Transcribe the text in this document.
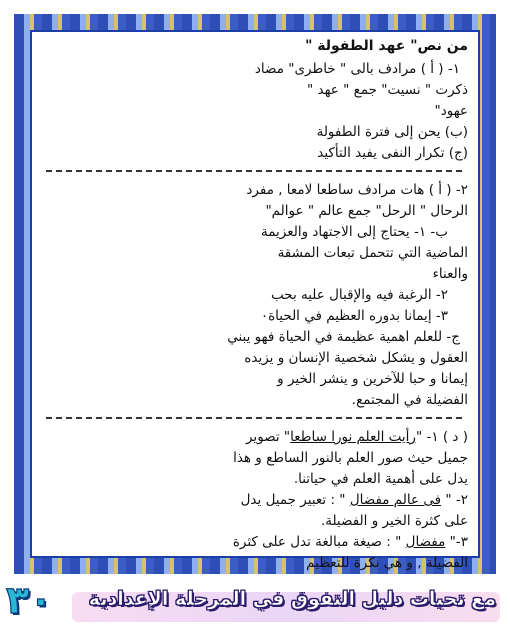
من نص" عهد الطفولة "

١- ( أ ) مرادف بالى " خاطرى" مضاد

ذكرت " نسيت" جمع " عهد "

عهود"

(ب) يحن إلى فترة الطفولة

(ج) تكرار النفى يفيد التأكيد

٢- ( أ ) هات مرادف ساطعا لامعا , مفرد

الرحال " الرحل" جمع عالم " عوالم"

ب- ١- يحتاج إلى الاجتهاد والعزيمة

الماضية التي تتحمل تبعات المشقة

والعناء

٢- الرغبة فيه والإقبال عليه بحب

٣- إيمانا بدوره العظيم في الحياة٠

ج- للعلم اهمية عظيمة في الحياة فهو يبني

العقول و يشكل شخصية الإنسان و يزيده

إيمانا و حبا للآخرين و ينشر الخير و

الفضيلة في المجتمع.

( د ) ١- "رأيت العلم نورا ساطعا" تصوير

جميل حيث صور العلم بالنور الساطع و هذا

يدل على أهمية العلم في حياتنا.

٢- " فى عالم مفضال " : تعبير جميل يدل

على كثرة الخير و الفضيلة.

٣-" مفضال " : صيغة مبالغة تدل على كثرة

الفضيلة , و هي نكرة للتعظيم

مع تحيات دليل التفوق في المرحلة الإعدادية
٣٠
